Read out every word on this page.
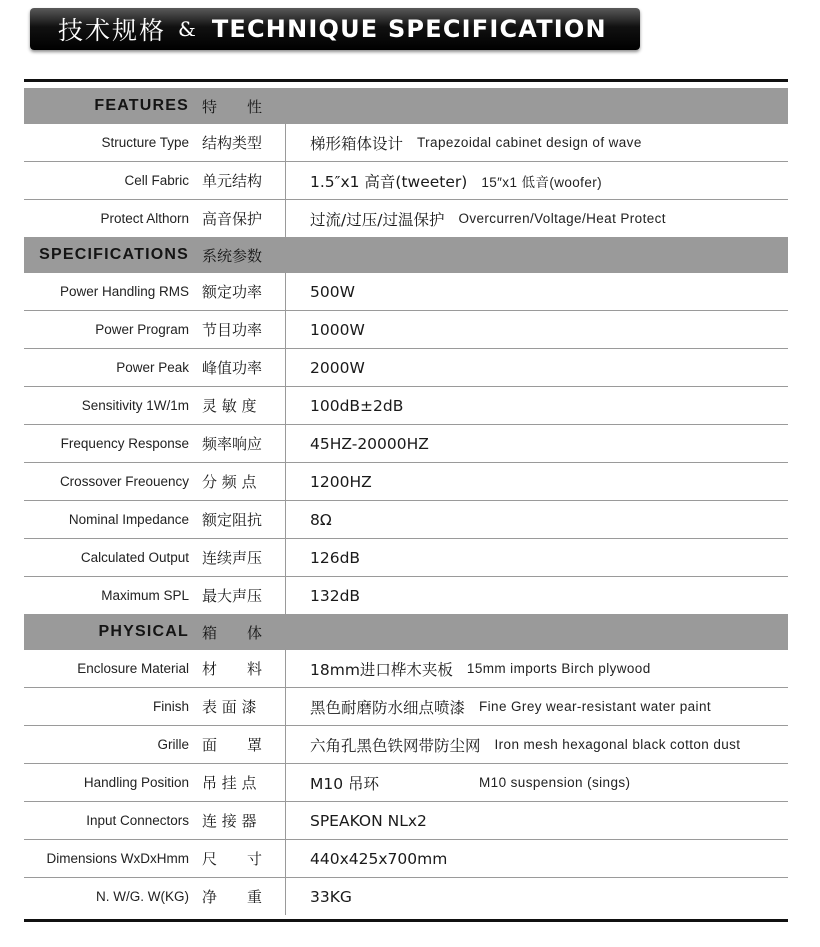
技术规格 & TECHNIQUE SPECIFICATION
FEATURES 特　　性
Structure Type 结构类型	梯形箱体设计 Trapezoidal cabinet design of wave
Cell Fabric 单元结构	1.5″x1 高音(tweeter) 15″x1 低音(woofer)
Protect Althorn 高音保护	过流/过压/过温保护 Overcurren/Voltage/Heat Protect
SPECIFICATIONS 系统参数
Power Handling RMS 额定功率	500W
Power Program 节目功率	1000W
Power Peak 峰值功率	2000W
Sensitivity 1W/1m 灵 敏 度	100dB±2dB
Frequency Response 频率响应	45HZ-20000HZ
Crossover Freouency 分 频 点	1200HZ
Nominal Impedance 额定阻抗	8Ω
Calculated Output 连续声压	126dB
Maximum SPL 最大声压	132dB
PHYSICAL 箱　　体
Enclosure Material 材　　料	18mm进口桦木夹板 15mm imports Birch plywood
Finish 表 面 漆	黑色耐磨防水细点喷漆 Fine Grey wear-resistant water paint
Grille 面　　罩	六角孔黑色铁网带防尘网 Iron mesh hexagonal black cotton dust
Handling Position 吊 挂 点	M10 吊环	M10 suspension (sings)
Input Connectors 连 接 器	SPEAKON NLx2
Dimensions WxDxHmm 尺　　寸	440x425x700mm
N. W/G. W(KG) 净　　重	33KG
